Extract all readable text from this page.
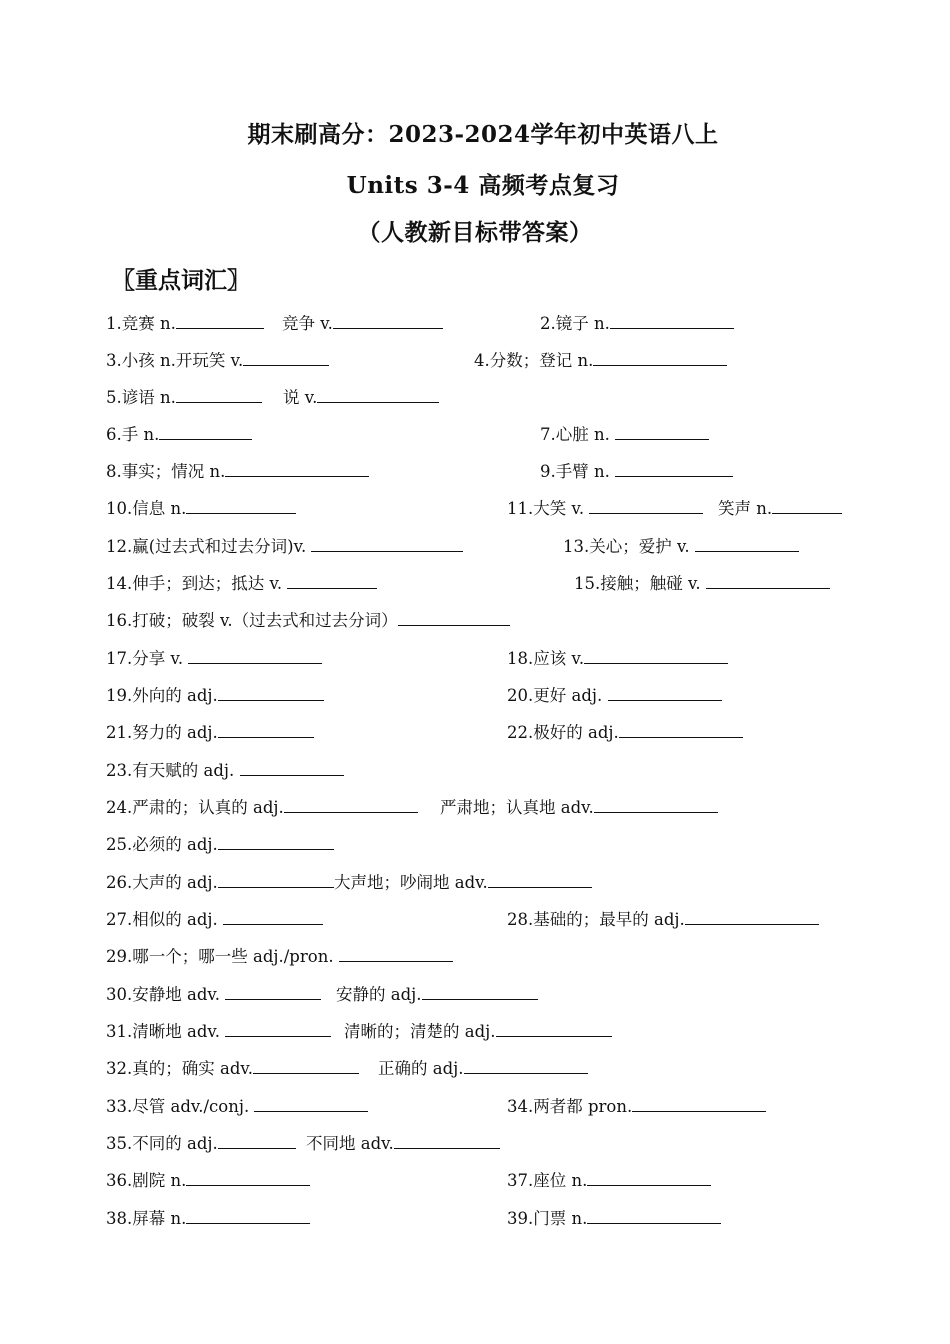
期末刷高分：2023-2024学年初中英语八上
Units 3-4 高频考点复习
（人教新目标带答案）
〖重点词汇〗
1.竞赛 n.	竞争 v.	2.镜子 n.
3.小孩 n.开玩笑 v.	4.分数；登记 n.
5.谚语 n.	说 v.
6.手 n.	7.心脏 n.
8.事实；情况 n.	9.手臂 n.
10.信息 n.	11.大笑 v.	笑声 n.
12.赢(过去式和过去分词)v.	13.关心；爱护 v.
14.伸手；到达；抵达 v.	15.接触；触碰 v.
16.打破；破裂 v.（过去式和过去分词）
17.分享 v.	18.应该 v.
19.外向的 adj.	20.更好 adj.
21.努力的 adj.	22.极好的 adj.
23.有天赋的 adj.
24.严肃的；认真的 adj.	严肃地；认真地 adv.
25.必须的 adj.
26.大声的 adj.	大声地；吵闹地 adv.
27.相似的 adj.	28.基础的；最早的 adj.
29.哪一个；哪一些 adj./pron.
30.安静地 adv.	安静的 adj.
31.清晰地 adv.	清晰的；清楚的 adj.
32.真的；确实 adv.	正确的 adj.
33.尽管 adv./conj.	34.两者都 pron.
35.不同的 adj.	不同地 adv.
36.剧院 n.	37.座位 n.
38.屏幕 n.	39.门票 n.
